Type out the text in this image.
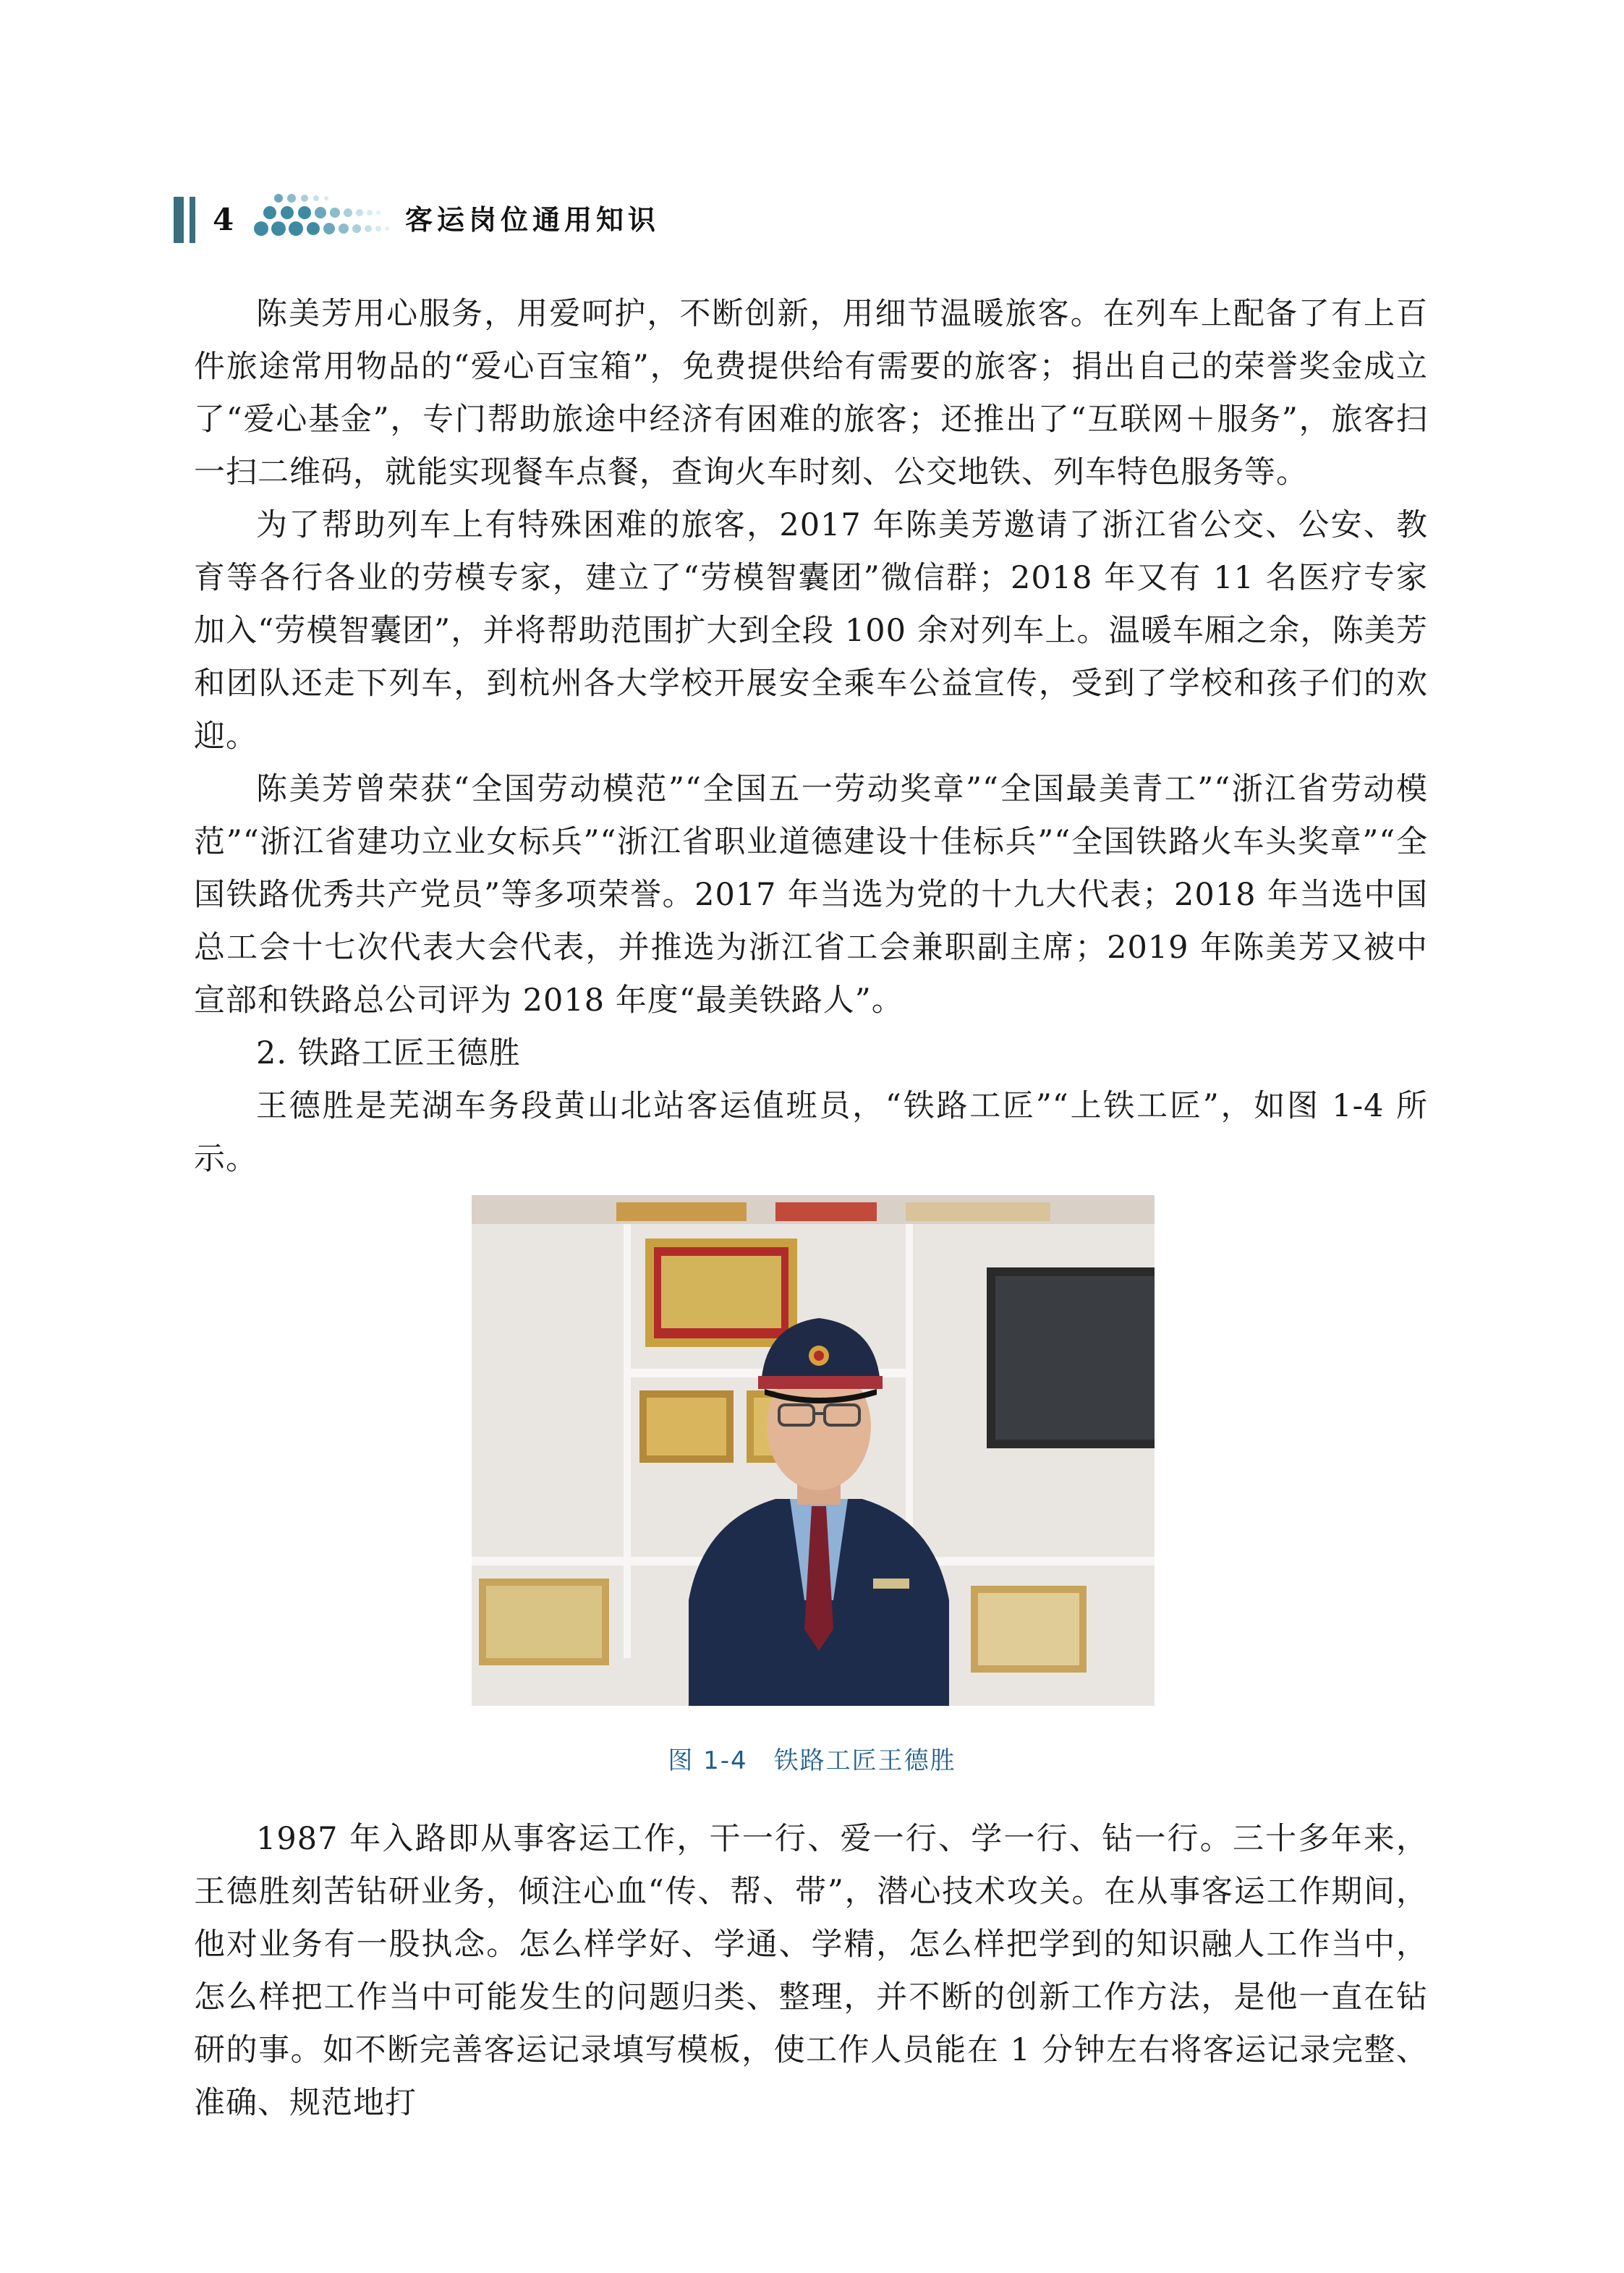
4	客运岗位通用知识

陈美芳用心服务，用爱呵护，不断创新，用细节温暖旅客。在列车上配备了有上百件旅途常用物品的“爱心百宝箱”，免费提供给有需要的旅客；捐出自己的荣誉奖金成立了“爱心基金”，专门帮助旅途中经济有困难的旅客；还推出了“互联网＋服务”，旅客扫一扫二维码，就能实现餐车点餐，查询火车时刻、公交地铁、列车特色服务等。

为了帮助列车上有特殊困难的旅客，2017 年陈美芳邀请了浙江省公交、公安、教育等各行各业的劳模专家，建立了“劳模智囊团”微信群；2018 年又有 11 名医疗专家加入“劳模智囊团”，并将帮助范围扩大到全段 100 余对列车上。温暖车厢之余，陈美芳和团队还走下列车，到杭州各大学校开展安全乘车公益宣传，受到了学校和孩子们的欢迎。

陈美芳曾荣获“全国劳动模范”“全国五一劳动奖章”“全国最美青工”“浙江省劳动模范”“浙江省建功立业女标兵”“浙江省职业道德建设十佳标兵”“全国铁路火车头奖章”“全国铁路优秀共产党员”等多项荣誉。2017 年当选为党的十九大代表；2018 年当选中国总工会十七次代表大会代表，并推选为浙江省工会兼职副主席；2019 年陈美芳又被中宣部和铁路总公司评为 2018 年度“最美铁路人”。

2. 铁路工匠王德胜

王德胜是芜湖车务段黄山北站客运值班员，“铁路工匠”“上铁工匠”，如图 1-4 所示。

图 1-4　铁路工匠王德胜

1987 年入路即从事客运工作，干一行、爱一行、学一行、钻一行。三十多年来，王德胜刻苦钻研业务，倾注心血“传、帮、带”，潜心技术攻关。在从事客运工作期间，他对业务有一股执念。怎么样学好、学通、学精，怎么样把学到的知识融人工作当中，怎么样把工作当中可能发生的问题归类、整理，并不断的创新工作方法，是他一直在钻研的事。如不断完善客运记录填写模板，使工作人员能在 1 分钟左右将客运记录完整、准确、规范地打
